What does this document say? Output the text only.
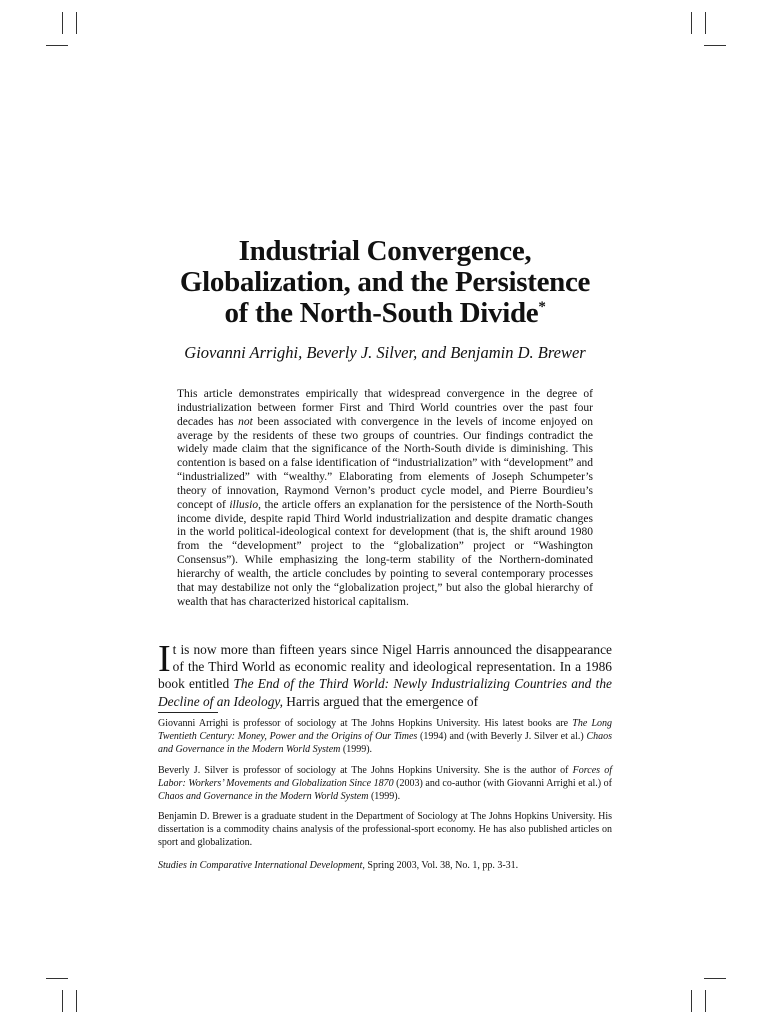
Industrial Convergence,
Globalization, and the Persistence
of the North-South Divide*
Giovanni Arrighi, Beverly J. Silver, and Benjamin D. Brewer

This article demonstrates empirically that widespread convergence in the degree of industrialization between former First and Third World countries over the past four decades has not been associated with convergence in the levels of income enjoyed on average by the residents of these two groups of countries. Our findings contradict the widely made claim that the significance of the North-South divide is diminishing. This contention is based on a false identification of “industrialization” with “development” and “industrialized” with “wealthy.” Elaborating from elements of Joseph Schumpeter’s theory of innovation, Raymond Vernon’s product cycle model, and Pierre Bourdieu’s concept of illusio, the article offers an explanation for the persistence of the North-South income divide, despite rapid Third World industrialization and despite dramatic changes in the world political-ideological context for development (that is, the shift around 1980 from the “development” project to the “globalization” project or “Washington Consensus”). While emphasizing the long-term stability of the Northern-dominated hierarchy of wealth, the article concludes by pointing to several contemporary processes that may destabilize not only the “globalization project,” but also the global hierarchy of wealth that has characterized historical capitalism.

It is now more than fifteen years since Nigel Harris announced the disappearance of the Third World as economic reality and ideological representation. In a 1986 book entitled The End of the Third World: Newly Industrializing Countries and the Decline of an Ideology, Harris argued that the emergence of

Giovanni Arrighi is professor of sociology at The Johns Hopkins University. His latest books are The Long Twentieth Century: Money, Power and the Origins of Our Times (1994) and (with Beverly J. Silver et al.) Chaos and Governance in the Modern World System (1999).

Beverly J. Silver is professor of sociology at The Johns Hopkins University. She is the author of Forces of Labor: Workers’ Movements and Globalization Since 1870 (2003) and co-author (with Giovanni Arrighi et al.) of Chaos and Governance in the Modern World System (1999).

Benjamin D. Brewer is a graduate student in the Department of Sociology at The Johns Hopkins University. His dissertation is a commodity chains analysis of the professional-sport economy. He has also published articles on sport and globalization.

Studies in Comparative International Development, Spring 2003, Vol. 38, No. 1, pp. 3-31.
